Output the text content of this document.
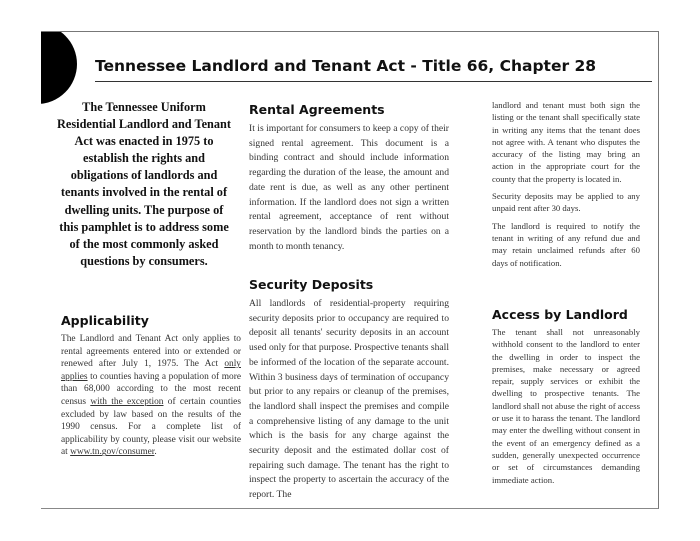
Tennessee Landlord and Tenant Act - Title 66, Chapter 28

The Tennessee Uniform Residential Landlord and Tenant Act was enacted in 1975 to establish the rights and obligations of landlords and tenants involved in the rental of dwelling units. The purpose of this pamphlet is to address some of the most commonly asked questions by consumers.

Applicability

The Landlord and Tenant Act only applies to rental agreements entered into or extended or renewed after July 1, 1975. The Act only applies to counties having a population of more than 68,000 according to the most recent census with the exception of certain counties excluded by law based on the results of the 1990 census. For a complete list of applicability by county, please visit our website at www.tn.gov/consumer.

Rental Agreements

It is important for consumers to keep a copy of their signed rental agreement. This document is a binding contract and should include information regarding the duration of the lease, the amount and date rent is due, as well as any other pertinent information. If the landlord does not sign a written rental agreement, acceptance of rent without reservation by the landlord binds the parties on a month to month tenancy.

Security Deposits

All landlords of residential-property requiring security deposits prior to occupancy are required to deposit all tenants' security deposits in an account used only for that purpose. Prospective tenants shall be informed of the location of the separate account. Within 3 business days of termination of occupancy but prior to any repairs or cleanup of the premises, the landlord shall inspect the premises and compile a comprehensive listing of any damage to the unit which is the basis for any charge against the security deposit and the estimated dollar cost of repairing such damage. The tenant has the right to inspect the property to ascertain the accuracy of the report. The

landlord and tenant must both sign the listing or the tenant shall specifically state in writing any items that the tenant does not agree with. A tenant who disputes the accuracy of the listing may bring an action in the appropriate court for the county that the property is located in.

Security deposits may be applied to any unpaid rent after 30 days.

The landlord is required to notify the tenant in writing of any refund due and may retain unclaimed refunds after 60 days of notification.

Access by Landlord

The tenant shall not unreasonably withhold consent to the landlord to enter the dwelling in order to inspect the premises, make necessary or agreed repair, supply services or exhibit the dwelling to prospective tenants. The landlord shall not abuse the right of access or use it to harass the tenant. The landlord may enter the dwelling without consent in the event of an emergency defined as a sudden, generally unexpected occurrence or set of circumstances demanding immediate action.
